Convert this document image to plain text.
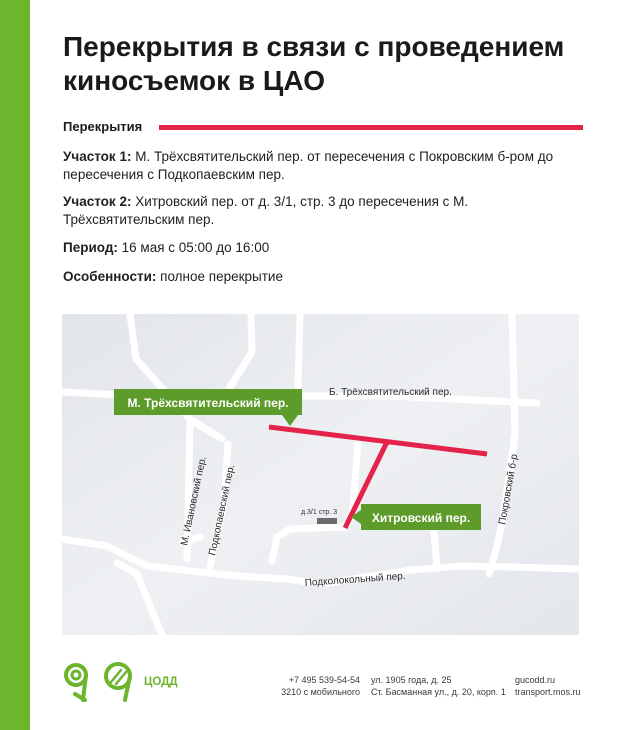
Перекрытия в связи с проведением киносъемок в ЦАО
Перекрытия

Участок 1: М. Трёхсвятительский пер. от пересечения с Покровским б-ром до пересечения с Подкопаевским пер.

Участок 2: Хитровский пер. от д. 3/1, стр. 3 до пересечения с М. Трёхсвятительским пер.

Период: 16 мая с 05:00 до 16:00

Особенности: полное перекрытие

д.3/1 стр. 3
Б. Трёхсвятительский пер.
М. Ивановский пер.
Подкопаевский пер.	Покровский б-р
Подколокольный пер.
М. Трёхсвятительский пер.
Хитровский пер.
ЦОДД	+7 495 539-54-54
3210 с мобильного
ул. 1905 года, д. 25
Ст. Басманная ул., д. 20, корп. 1
gucodd.ru
transport.mos.ru
